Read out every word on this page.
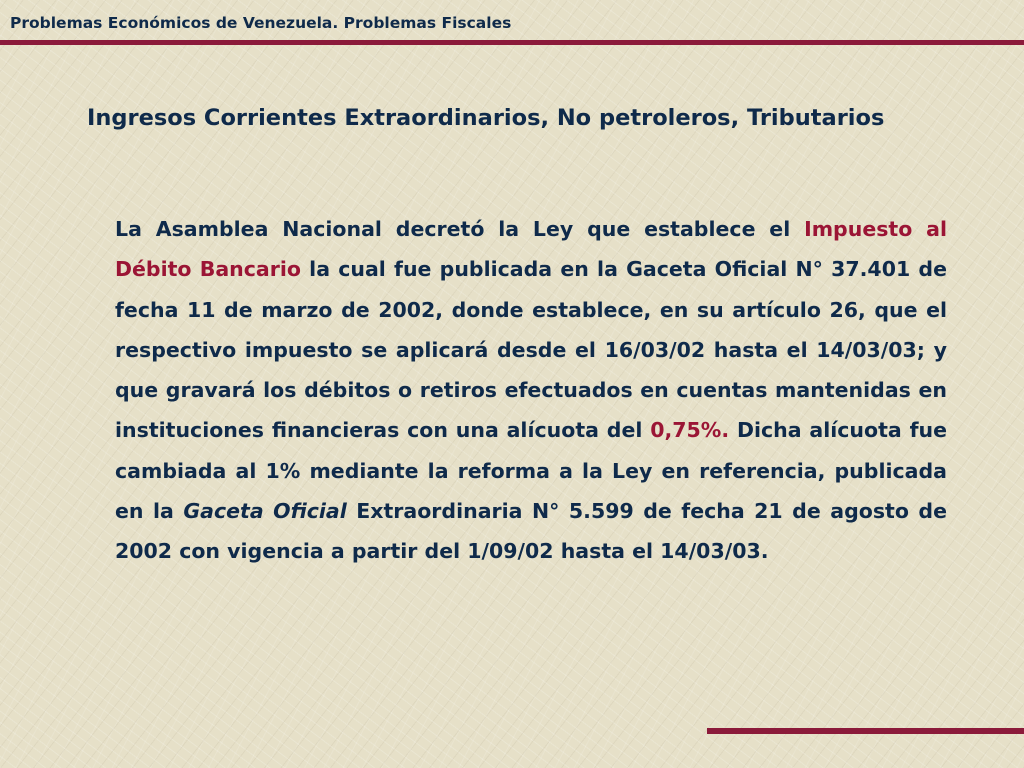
Problemas Económicos de Venezuela. Problemas Fiscales
Ingresos Corrientes Extraordinarios, No petroleros, Tributarios
La Asamblea Nacional decretó la Ley que establece el Impuesto al Débito Bancario la cual fue publicada en la Gaceta Oficial N° 37.401 de fecha 11 de marzo de 2002, donde establece, en su artículo 26, que el respectivo impuesto se aplicará desde el 16/03/02 hasta el 14/03/03; y que gravará los débitos o retiros efectuados en cuentas mantenidas en instituciones financieras con una alícuota del 0,75%. Dicha alícuota fue cambiada al 1% mediante la reforma a la Ley en referencia, publicada en la Gaceta Oficial Extraordinaria N° 5.599 de fecha 21 de agosto de 2002 con vigencia a partir del 1/09/02 hasta el 14/03/03.
